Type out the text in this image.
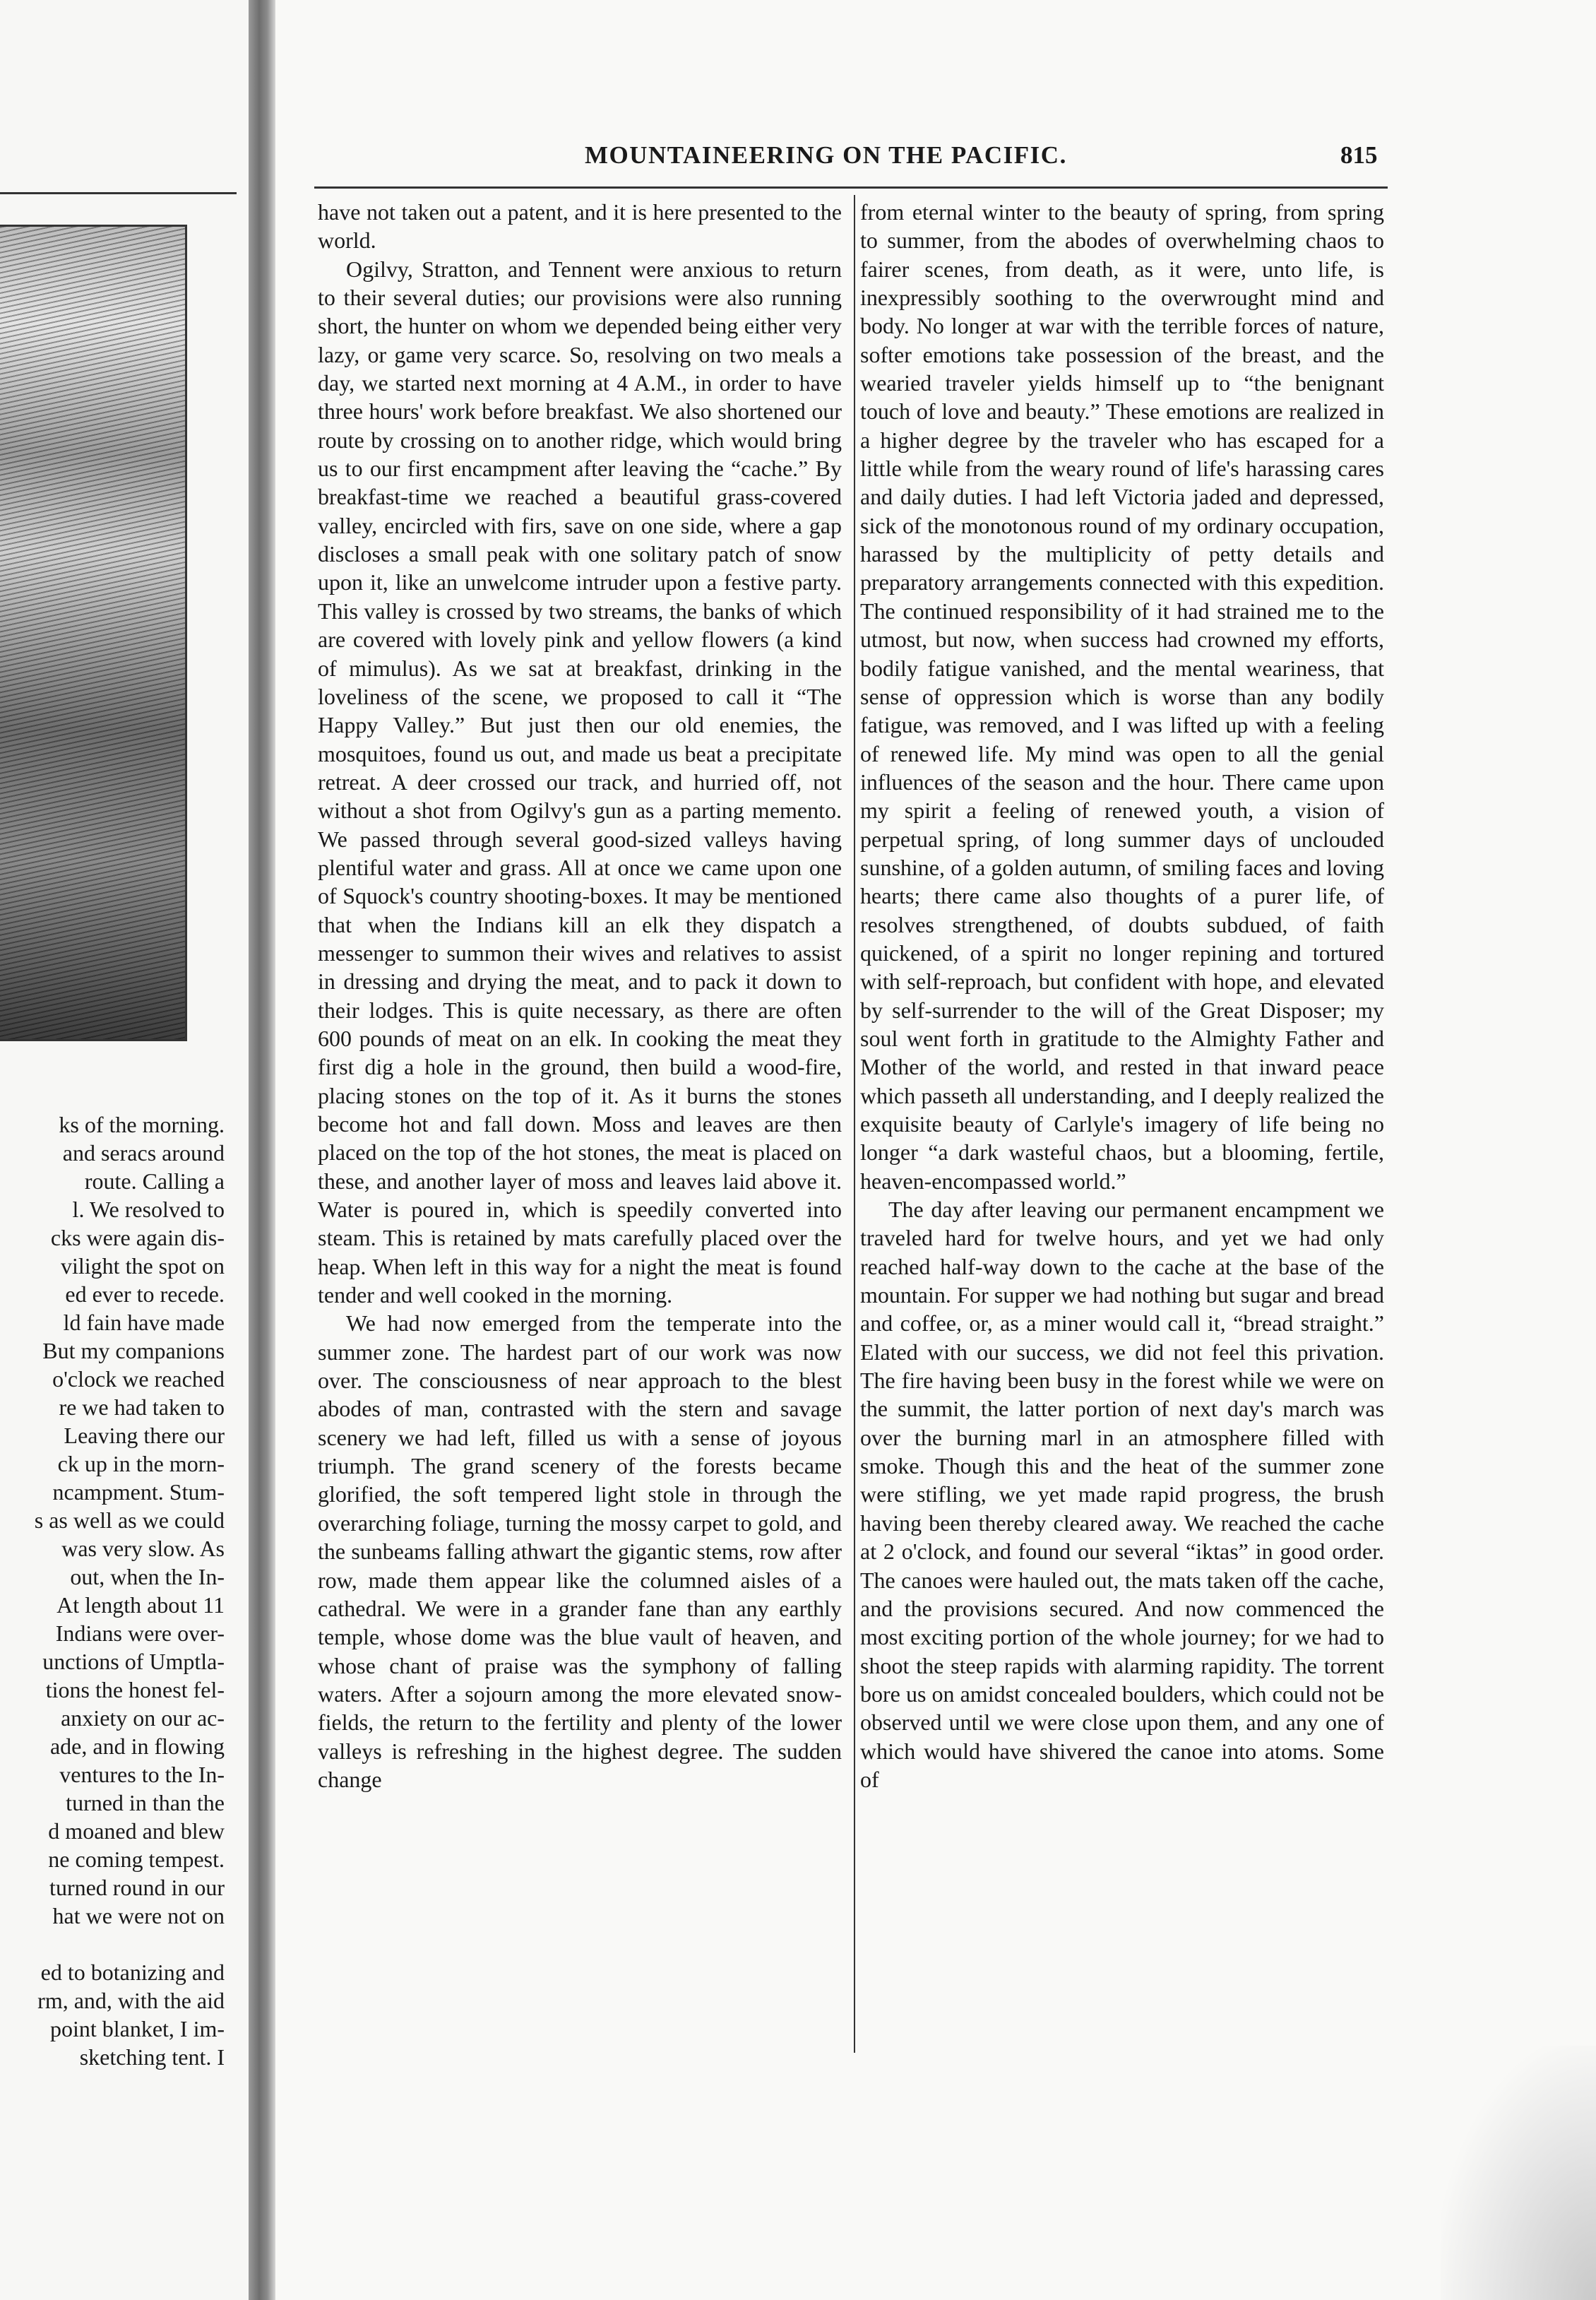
ks of the morning.
and seracs around
route. Calling a
l. We resolved to
cks were again dis-
vilight the spot on
ed ever to recede.
ld fain have made
But my companions
o'clock we reached
re we had taken to
Leaving there our
ck up in the morn-
ncampment. Stum-
s as well as we could
was very slow. As
out, when the In-
At length about 11
Indians were over-
unctions of Umptla-
tions the honest fel-
anxiety on our ac-
ade, and in flowing
ventures to the In-
turned in than the
d moaned and blew
ne coming tempest.
turned round in our
hat we were not on

ed to botanizing and
rm, and, with the aid
point blanket, I im-
sketching tent. I
MOUNTAINEERING ON THE PACIFIC.	815

have not taken out a patent, and it is here presented to the world.

Ogilvy, Stratton, and Tennent were anxious to return to their several duties; our provisions were also running short, the hunter on whom we depended being either very lazy, or game very scarce. So, resolving on two meals a day, we started next morning at 4 A.M., in order to have three hours' work before breakfast. We also shortened our route by crossing on to another ridge, which would bring us to our first encampment after leaving the “cache.” By breakfast-time we reached a beautiful grass-covered valley, encircled with firs, save on one side, where a gap discloses a small peak with one solitary patch of snow upon it, like an unwelcome intruder upon a festive party. This valley is crossed by two streams, the banks of which are covered with lovely pink and yellow flowers (a kind of mimulus). As we sat at breakfast, drinking in the loveliness of the scene, we proposed to call it “The Happy Valley.” But just then our old enemies, the mosquitoes, found us out, and made us beat a precipitate retreat. A deer crossed our track, and hurried off, not without a shot from Ogilvy's gun as a parting memento. We passed through several good-sized valleys having plentiful water and grass. All at once we came upon one of Squock's country shooting-boxes. It may be mentioned that when the Indians kill an elk they dispatch a messenger to summon their wives and relatives to assist in dressing and drying the meat, and to pack it down to their lodges. This is quite necessary, as there are often 600 pounds of meat on an elk. In cooking the meat they first dig a hole in the ground, then build a wood-fire, placing stones on the top of it. As it burns the stones become hot and fall down. Moss and leaves are then placed on the top of the hot stones, the meat is placed on these, and another layer of moss and leaves laid above it. Water is poured in, which is speedily converted into steam. This is retained by mats carefully placed over the heap. When left in this way for a night the meat is found tender and well cooked in the morning.

We had now emerged from the temperate into the summer zone. The hardest part of our work was now over. The consciousness of near approach to the blest abodes of man, contrasted with the stern and savage scenery we had left, filled us with a sense of joyous triumph. The grand scenery of the forests became glorified, the soft tempered light stole in through the overarching foliage, turning the mossy carpet to gold, and the sunbeams falling athwart the gigantic stems, row after row, made them appear like the columned aisles of a cathedral. We were in a grander fane than any earthly temple, whose dome was the blue vault of heaven, and whose chant of praise was the symphony of falling waters. After a sojourn among the more elevated snow-fields, the return to the fertility and plenty of the lower valleys is refreshing in the highest degree. The sudden change

from eternal winter to the beauty of spring, from spring to summer, from the abodes of overwhelming chaos to fairer scenes, from death, as it were, unto life, is inexpressibly soothing to the overwrought mind and body. No longer at war with the terrible forces of nature, softer emotions take possession of the breast, and the wearied traveler yields himself up to “the benignant touch of love and beauty.” These emotions are realized in a higher degree by the traveler who has escaped for a little while from the weary round of life's harassing cares and daily duties. I had left Victoria jaded and depressed, sick of the monotonous round of my ordinary occupation, harassed by the multiplicity of petty details and preparatory arrangements connected with this expedition. The continued responsibility of it had strained me to the utmost, but now, when success had crowned my efforts, bodily fatigue vanished, and the mental weariness, that sense of oppression which is worse than any bodily fatigue, was removed, and I was lifted up with a feeling of renewed life. My mind was open to all the genial influences of the season and the hour. There came upon my spirit a feeling of renewed youth, a vision of perpetual spring, of long summer days of unclouded sunshine, of a golden autumn, of smiling faces and loving hearts; there came also thoughts of a purer life, of resolves strengthened, of doubts subdued, of faith quickened, of a spirit no longer repining and tortured with self-reproach, but confident with hope, and elevated by self-surrender to the will of the Great Disposer; my soul went forth in gratitude to the Almighty Father and Mother of the world, and rested in that inward peace which passeth all understanding, and I deeply realized the exquisite beauty of Carlyle's imagery of life being no longer “a dark wasteful chaos, but a blooming, fertile, heaven-encompassed world.”

The day after leaving our permanent encampment we traveled hard for twelve hours, and yet we had only reached half-way down to the cache at the base of the mountain. For supper we had nothing but sugar and bread and coffee, or, as a miner would call it, “bread straight.” Elated with our success, we did not feel this privation. The fire having been busy in the forest while we were on the summit, the latter portion of next day's march was over the burning marl in an atmosphere filled with smoke. Though this and the heat of the summer zone were stifling, we yet made rapid progress, the brush having been thereby cleared away. We reached the cache at 2 o'clock, and found our several “iktas” in good order. The canoes were hauled out, the mats taken off the cache, and the provisions secured. And now commenced the most exciting portion of the whole journey; for we had to shoot the steep rapids with alarming rapidity. The torrent bore us on amidst concealed boulders, which could not be observed until we were close upon them, and any one of which would have shivered the canoe into atoms. Some of
